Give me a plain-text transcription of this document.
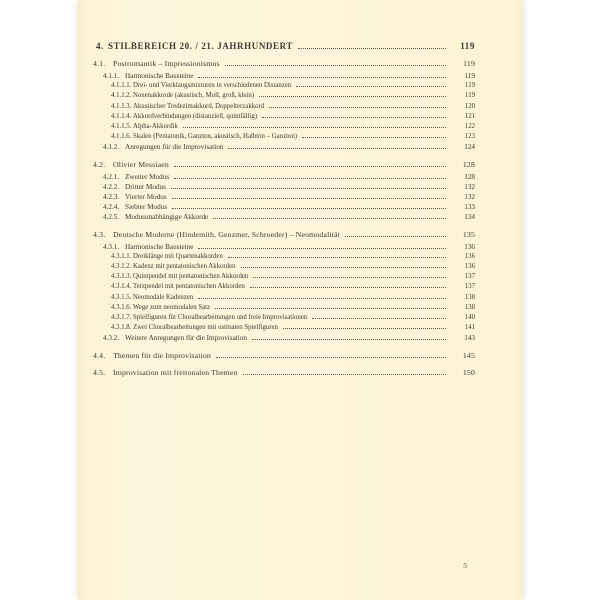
4. STILBEREICH 20. / 21. JAHRHUNDERT	119
4.1. Postromantik – Impressionismus	119
4.1.1. Harmonische Bausteine	119
4.1.1.1. Drei- und Vierklangsmixturen in verschiedenen Distanzen	119
4.1.1.2. Nonenakkorde (akustisch, Moll, groß, klein)	119
4.1.1.3. Akustischer Tredezimakkord, Doppelterzakkord	120
4.1.1.4. Akkordverbindungen (distanziell, quintfällig)	121
4.1.1.5. Alpha-Akkordik	122
4.1.1.6. Skalen (Pentatonik, Ganzton, akustisch, Halbton – Ganzton)	123
4.1.2. Anregungen für die Improvisation	124
4.2. Olivier Messiaen	128
4.2.1. Zweiter Modus	128
4.2.2. Dritter Modus	132
4.2.3. Vierter Modus	132
4.2.4. Siebter Modus	133
4.2.5. Modusunabhängige Akkorde	134
4.3. Deutsche Moderne (Hindemith, Genzmer, Schroeder) – Neomodalität	135
4.3.1. Harmonische Bausteine	136
4.3.1.1. Dreiklänge mit Quartenakkorden	136
4.3.1.2. Kadenz mit pentatonischen Akkorden	136
4.3.1.3. Quintpendel mit pentatonischen Akkorden	137
4.3.1.4. Terzpendel mit pentatonischen Akkorden	137
4.3.1.5. Neomodale Kadenzen	138
4.3.1.6. Wege zum neomodalen Satz	138
4.3.1.7. Spielfiguren für Choralbearbeitungen und freie Improvisationen	140
4.3.1.8. Zwei Choralbearbeitungen mit ostinaten Spielfiguren	141
4.3.2. Weitere Anregungen für die Improvisation	143
4.4. Themen für die Improvisation	145
4.5. Improvisation mit freitonalen Themen	150
5
